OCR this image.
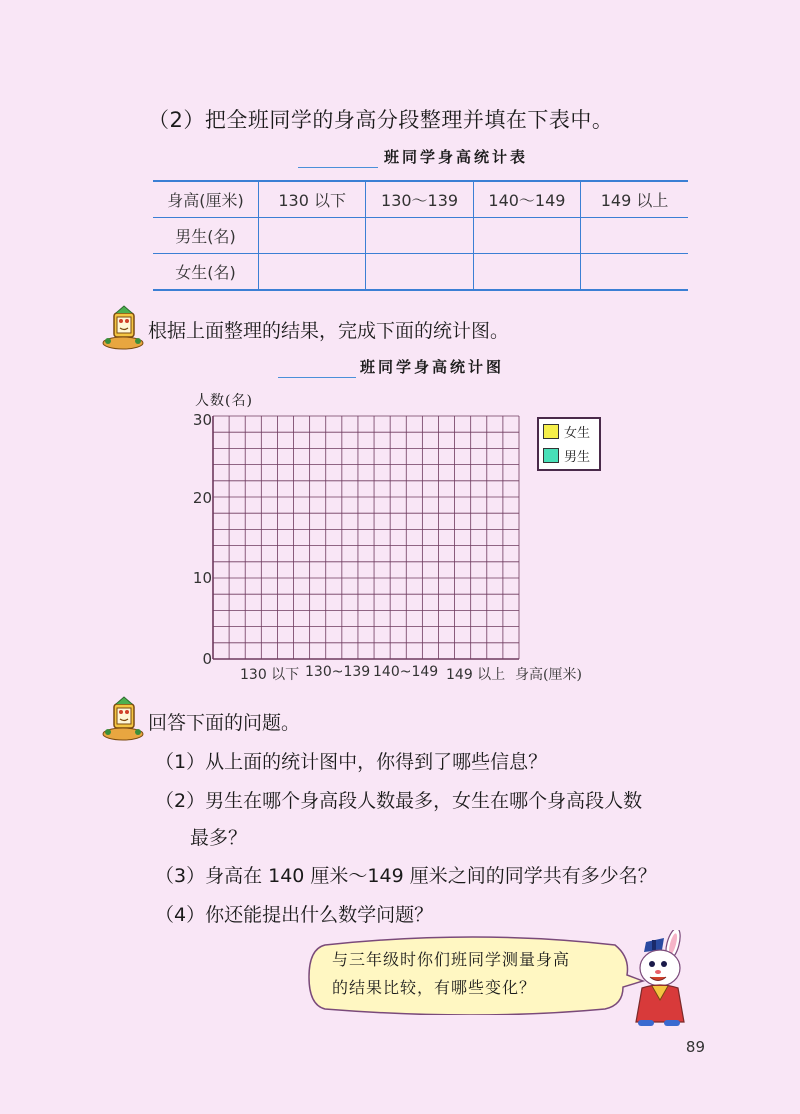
（2）把全班同学的身高分段整理并填在下表中。
班同学身高统计表
身高(厘米)	130 以下	130～139	140～149	149 以上
男生(名)				
女生(名)				
根据上面整理的结果，完成下面的统计图。
班同学身高统计图
人数(名)
30
20
10
0
130 以下 130~139 140~149 149 以上 身高(厘米)
女生
男生
回答下面的问题。
（1）从上面的统计图中，你得到了哪些信息？
（2）男生在哪个身高段人数最多，女生在哪个身高段人数
最多？
（3）身高在 140 厘米～149 厘米之间的同学共有多少名？
（4）你还能提出什么数学问题？
与三年级时你们班同学测量身高
的结果比较，有哪些变化？
89
